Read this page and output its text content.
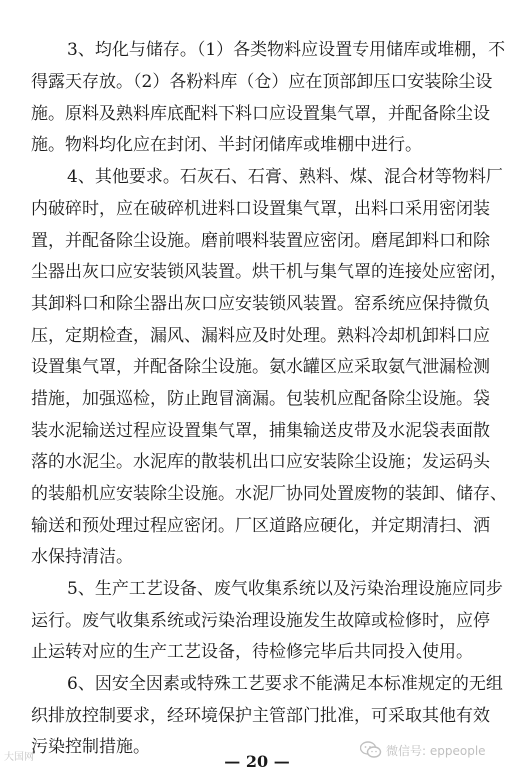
3、均化与储存。（1）各类物料应设置专用储库或堆棚，不
得露天存放。（2）各粉料库（仓）应在顶部卸压口安装除尘设
施。原料及熟料库底配料下料口应设置集气罩，并配备除尘设
施。物料均化应在封闭、半封闭储库或堆棚中进行。
4、其他要求。石灰石、石膏、熟料、煤、混合材等物料厂
内破碎时，应在破碎机进料口设置集气罩，出料口采用密闭装
置，并配备除尘设施。磨前喂料装置应密闭。磨尾卸料口和除
尘器出灰口应安装锁风装置。烘干机与集气罩的连接处应密闭，
其卸料口和除尘器出灰口应安装锁风装置。窑系统应保持微负
压，定期检查，漏风、漏料应及时处理。熟料冷却机卸料口应
设置集气罩，并配备除尘设施。氨水罐区应采取氨气泄漏检测
措施，加强巡检，防止跑冒滴漏。包装机应配备除尘设施。袋
装水泥输送过程应设置集气罩，捕集输送皮带及水泥袋表面散
落的水泥尘。水泥库的散装机出口应安装除尘设施；发运码头
的装船机应安装除尘设施。水泥厂协同处置废物的装卸、储存、
输送和预处理过程应密闭。厂区道路应硬化，并定期清扫、洒
水保持清洁。
5、生产工艺设备、废气收集系统以及污染治理设施应同步
运行。废气收集系统或污染治理设施发生故障或检修时，应停
止运转对应的生产工艺设备，待检修完毕后共同投入使用。
6、因安全因素或特殊工艺要求不能满足本标准规定的无组
织排放控制要求，经环境保护主管部门批准，可采取其他有效
污染控制措施。
— 20 —
大国网	微信号: eppeople
